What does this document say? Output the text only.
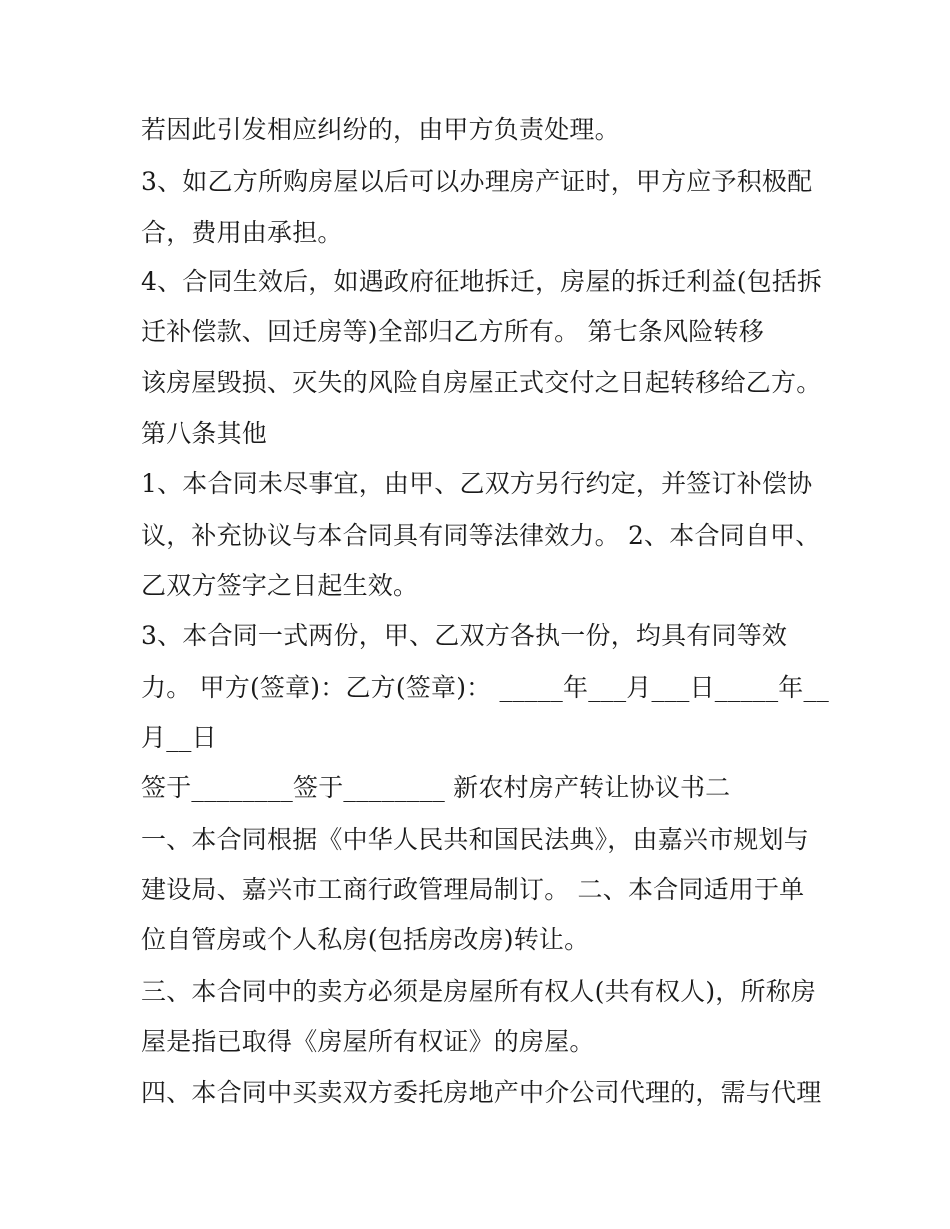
若因此引发相应纠纷的，由甲方负责处理。
3、如乙方所购房屋以后可以办理房产证时，甲方应予积极配
合，费用由承担。
4、合同生效后，如遇政府征地拆迁，房屋的拆迁利益(包括拆
迁补偿款、回迁房等)全部归乙方所有。 第七条风险转移
该房屋毁损、灭失的风险自房屋正式交付之日起转移给乙方。
第八条其他
1、本合同未尽事宜，由甲、乙双方另行约定，并签订补偿协
议，补充协议与本合同具有同等法律效力。 2、本合同自甲、
乙双方签字之日起生效。
3、本合同一式两份，甲、乙双方各执一份，均具有同等效
力。 甲方(签章)：乙方(签章)： _____年___月___日_____年__
月__日
签于________签于________ 新农村房产转让协议书二
一、本合同根据《中华人民共和国民法典》，由嘉兴市规划与
建设局、嘉兴市工商行政管理局制订。 二、本合同适用于单
位自管房或个人私房(包括房改房)转让。
三、本合同中的卖方必须是房屋所有权人(共有权人)，所称房
屋是指已取得《房屋所有权证》的房屋。
四、本合同中买卖双方委托房地产中介公司代理的，需与代理
